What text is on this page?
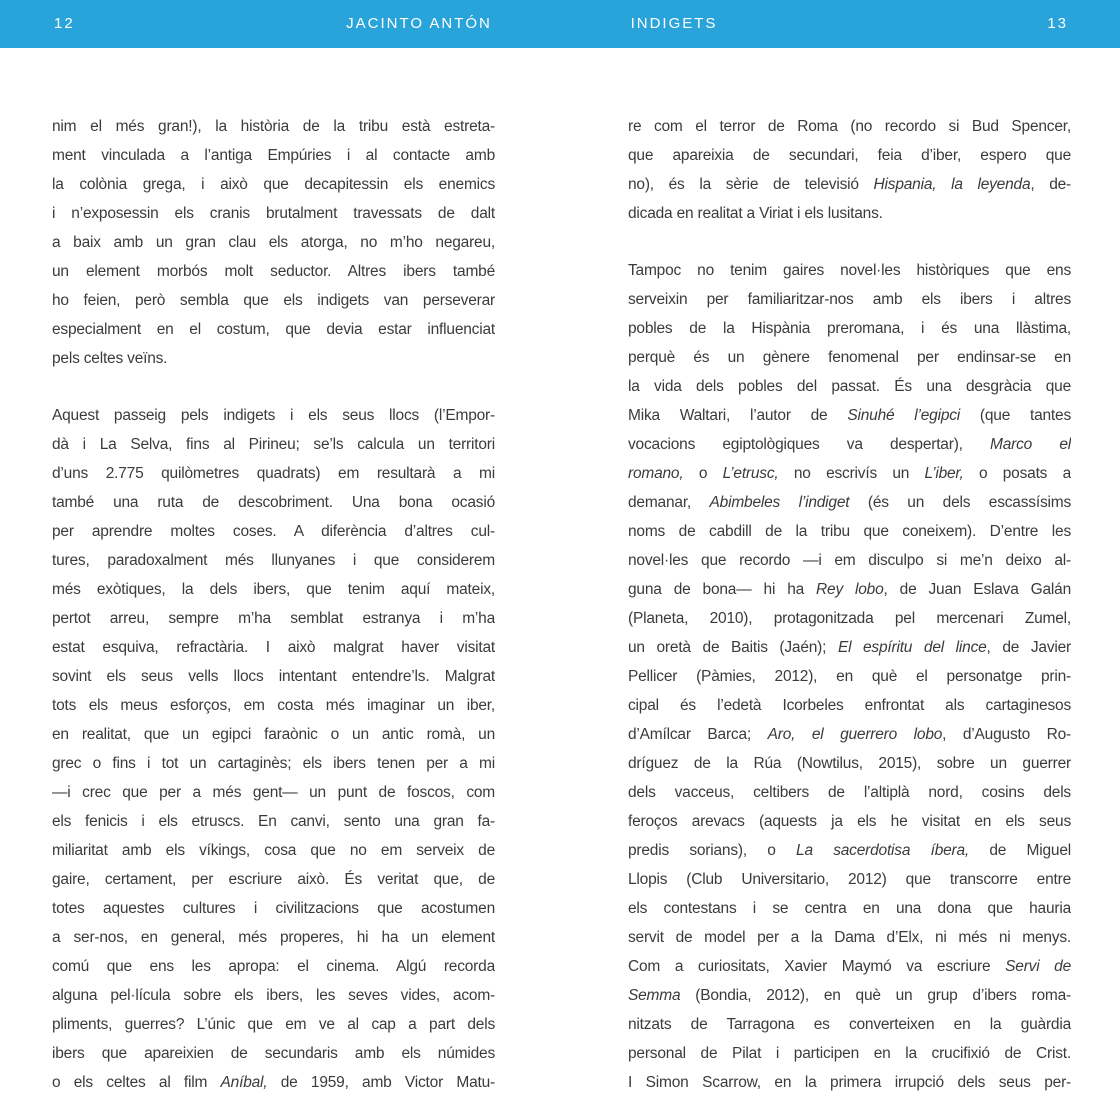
12	JACINTO ANTÓN	INDIGETS	13
nim el més gran!), la història de la tribu està estreta-
ment vinculada a l’antiga Empúries i al contacte amb
la colònia grega, i això que decapitessin els enemics
i n’exposessin els cranis brutalment travessats de dalt
a baix amb un gran clau els atorga, no m’ho negareu,
un element morbós molt seductor. Altres ibers també
ho feien, però sembla que els indigets van perseverar
especialment en el costum, que devia estar influenciat
pels celtes veïns.
Aquest passeig pels indigets i els seus llocs (l’Empor-
dà i La Selva, fins al Pirineu; se’ls calcula un territori
d’uns 2.775 quilòmetres quadrats) em resultarà a mi
també una ruta de descobriment. Una bona ocasió
per aprendre moltes coses. A diferència d’altres cul-
tures, paradoxalment més llunyanes i que considerem
més exòtiques, la dels ibers, que tenim aquí mateix,
pertot arreu, sempre m’ha semblat estranya i m’ha
estat esquiva, refractària. I això malgrat haver visitat
sovint els seus vells llocs intentant entendre’ls. Malgrat
tots els meus esforços, em costa més imaginar un iber,
en realitat, que un egipci faraònic o un antic romà, un
grec o fins i tot un cartaginès; els ibers tenen per a mi
—i crec que per a més gent— un punt de foscos, com
els fenicis i els etruscs. En canvi, sento una gran fa-
miliaritat amb els víkings, cosa que no em serveix de
gaire, certament, per escriure això. És veritat que, de
totes aquestes cultures i civilitzacions que acostumen
a ser-nos, en general, més properes, hi ha un element
comú que ens les apropa: el cinema. Algú recorda
alguna pel·lícula sobre els ibers, les seves vides, acom-
pliments, guerres? L’únic que em ve al cap a part dels
ibers que apareixien de secundaris amb els númides
o els celtes al film Aníbal, de 1959, amb Victor Matu-
re com el terror de Roma (no recordo si Bud Spencer,
que apareixia de secundari, feia d’iber, espero que
no), és la sèrie de televisió Hispania, la leyenda, de-
dicada en realitat a Viriat i els lusitans.
Tampoc no tenim gaires novel·les històriques que ens
serveixin per familiaritzar-nos amb els ibers i altres
pobles de la Hispània preromana, i és una llàstima,
perquè és un gènere fenomenal per endinsar-se en
la vida dels pobles del passat. És una desgràcia que
Mika Waltari, l’autor de Sinuhé l’egipci (que tantes
vocacions egiptològiques va despertar), Marco el
romano, o L’etrusc, no escrivís un L’iber, o posats a
demanar, Abimbeles l’indiget (és un dels escassísims
noms de cabdill de la tribu que coneixem). D’entre les
novel·les que recordo —i em disculpo si me’n deixo al-
guna de bona— hi ha Rey lobo, de Juan Eslava Galán
(Planeta, 2010), protagonitzada pel mercenari Zumel,
un oretà de Baitis (Jaén); El espíritu del lince, de Javier
Pellicer (Pàmies, 2012), en què el personatge prin-
cipal és l’edetà Icorbeles enfrontat als cartaginesos
d’Amílcar Barca; Aro, el guerrero lobo, d’Augusto Ro-
dríguez de la Rúa (Nowtilus, 2015), sobre un guerrer
dels vacceus, celtibers de l’altiplà nord, cosins dels
feroços arevacs (aquests ja els he visitat en els seus
predis sorians), o La sacerdotisa íbera, de Miguel
Llopis (Club Universitario, 2012) que transcorre entre
els contestans i se centra en una dona que hauria
servit de model per a la Dama d’Elx, ni més ni menys.
Com a curiositats, Xavier Maymó va escriure Servi de
Semma (Bondia, 2012), en què un grup d’ibers roma-
nitzats de Tarragona es converteixen en la guàrdia
personal de Pilat i participen en la crucifixió de Crist.
I Simon Scarrow, en la primera irrupció dels seus per-
